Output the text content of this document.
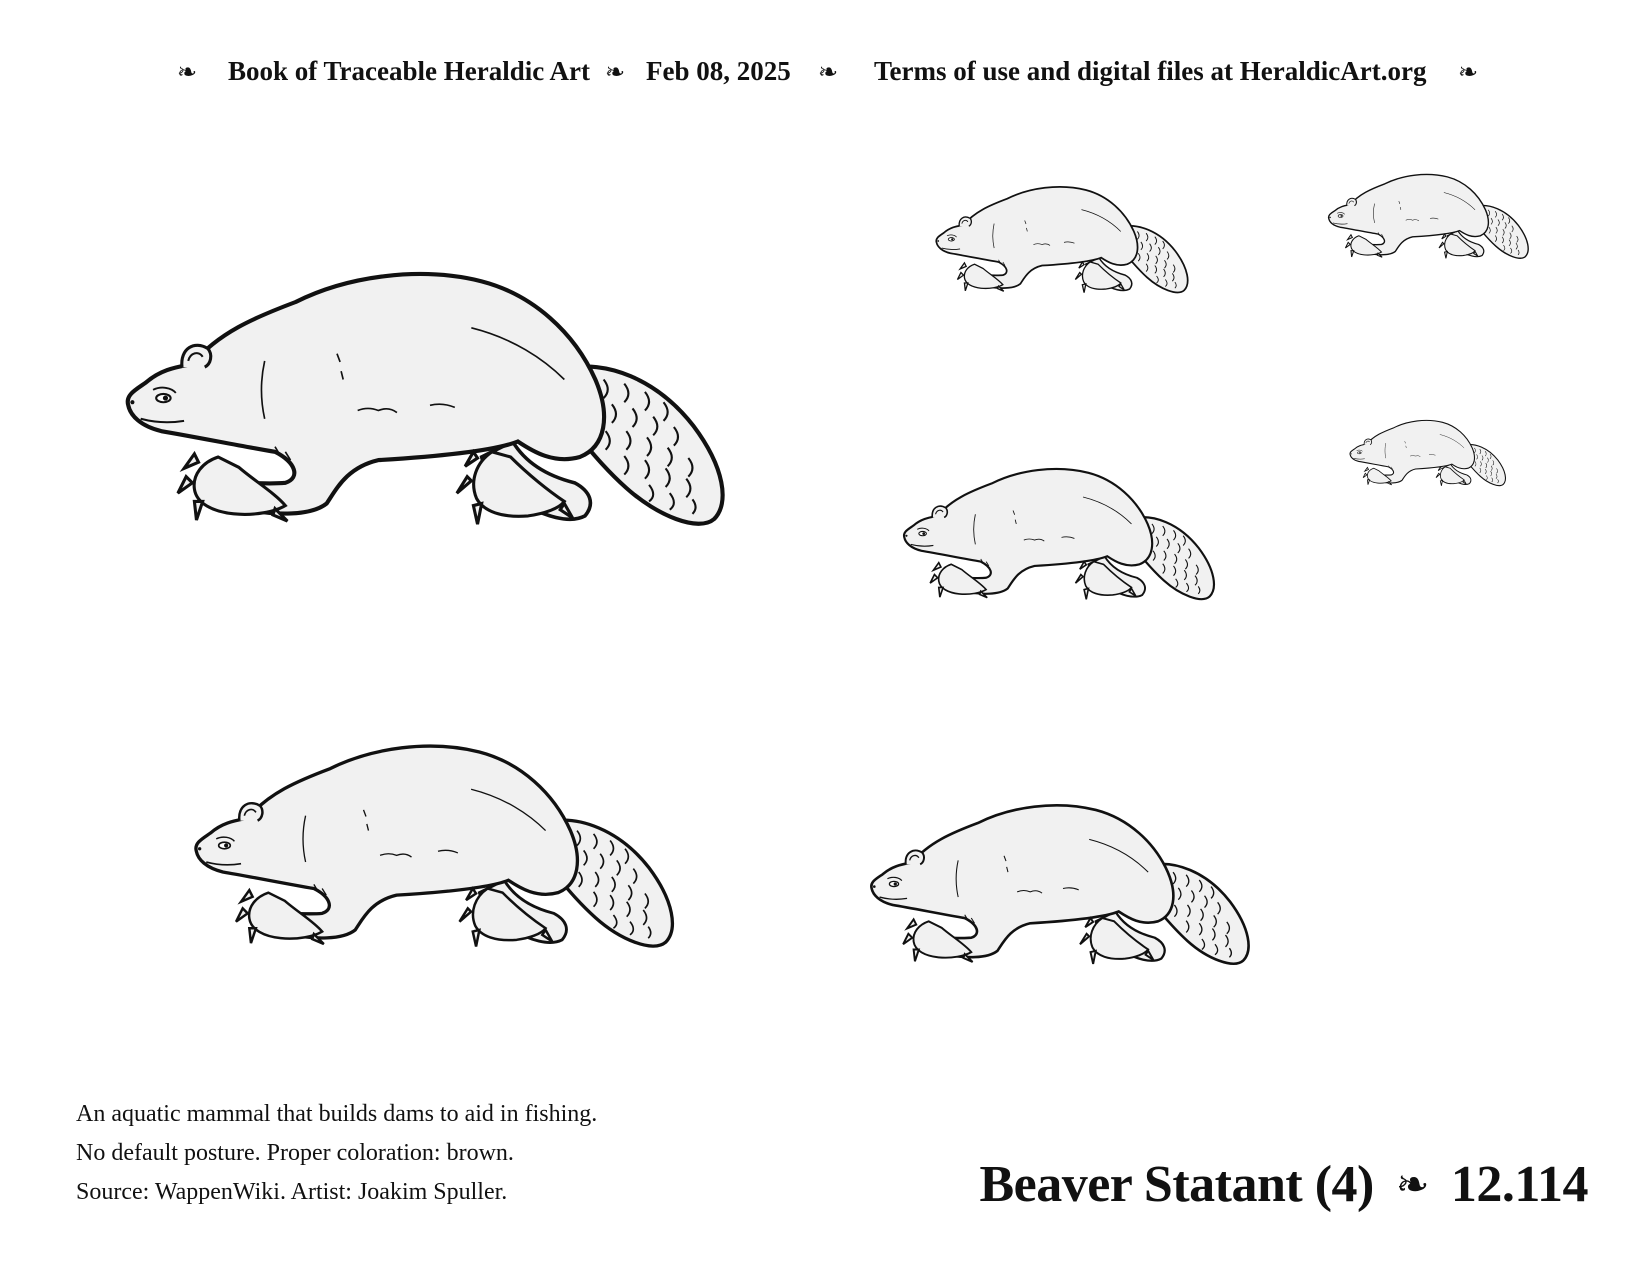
❧ Book of Traceable Heraldic Art ❧ Feb 08, 2025 ❧ Terms of use and digital files at HeraldicArt.org ❧
An aquatic mammal that builds dams to aid in fishing.
No default posture. Proper coloration: brown.
Source: WappenWiki. Artist: Joakim Spuller.	Beaver Statant (4) ❧ 12.114
